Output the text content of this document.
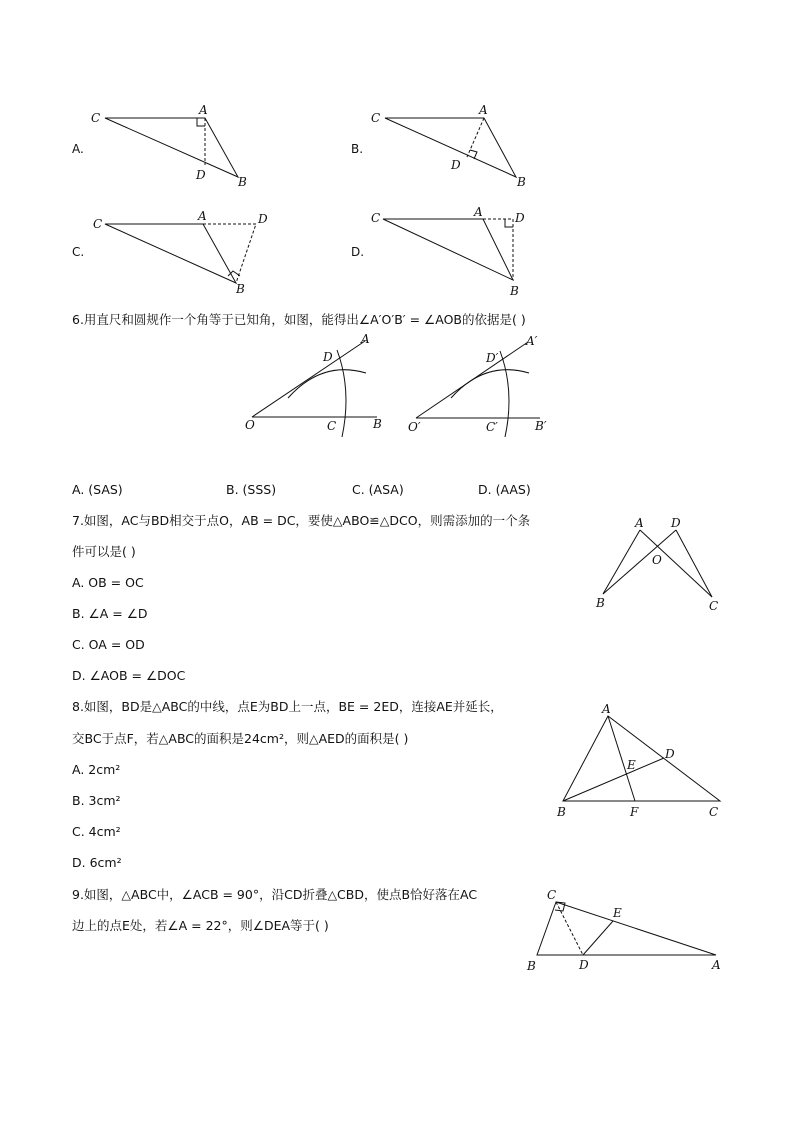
A.
C
A
D	B
B.
C
A
D
B
C.
C
A	D
B
D.
C	A	D
B
6.用直尺和圆规作一个角等于已知角，如图，能得出∠A′O′B′ = ∠AOB的依据是( )
O	C	B
D
A
O′	C′	B′
D′
A′
A. (SAS)	B. (SSS)	C. (ASA)	D. (AAS)
7.如图，AC与BD相交于点O，AB = DC，要使△ABO≌△DCO，则需添加的一个条
件可以是( )
A. OB = OC
B. ∠A = ∠D
C. OA = OD
D. ∠AOB = ∠DOC
A D
O
B	C
8.如图，BD是△ABC的中线，点E为BD上一点，BE = 2ED，连接AE并延长，
交BC于点F，若△ABC的面积是24cm²，则△AED的面积是( )
A. 2cm²
B. 3cm²
C. 4cm²
D. 6cm²
A
D
E
B	F	C
9.如图，△ABC中，∠ACB = 90°，沿CD折叠△CBD，使点B恰好落在AC
边上的点E处，若∠A = 22°，则∠DEA等于( )
C
E
B	D	A
